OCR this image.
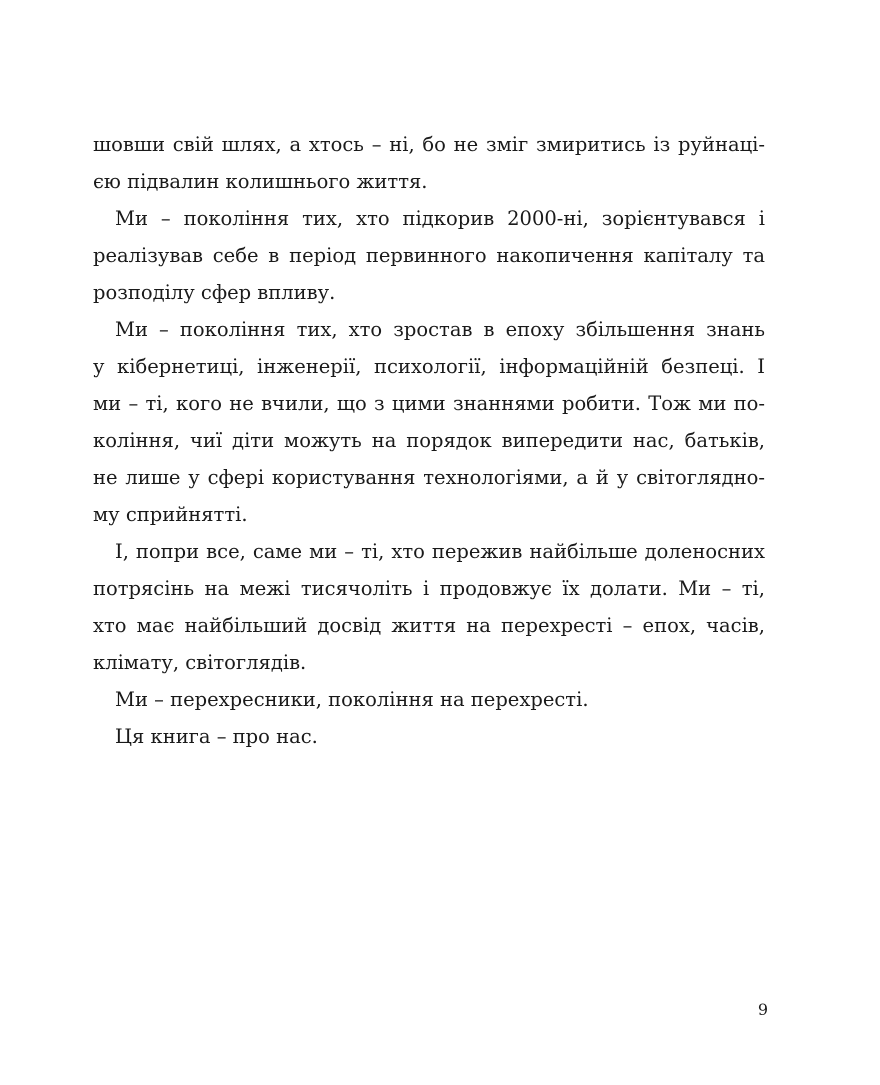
шовши свій шлях, а хтось – ні, бо не зміг змиритись із руйнаці-
єю підвалин колишнього життя.
Ми – покоління тих, хто підкорив 2000-ні, зорієнтувався і
реалізував себе в період первинного накопичення капіталу та
розподілу сфер впливу.
Ми – покоління тих, хто зростав в епоху збільшення знань
у кібернетиці, інженерії, психології, інформаційній безпеці. І
ми – ті, кого не вчили, що з цими знаннями робити. Тож ми по-
коління, чиї діти можуть на порядок випередити нас, батьків,
не лише у сфері користування технологіями, а й у світоглядно-
му сприйнятті.
І, попри все, саме ми – ті, хто пережив найбільше доленосних
потрясінь на межі тисячоліть і продовжує їх долати. Ми – ті,
хто має найбільший досвід життя на перехресті – епох, часів,
клімату, світоглядів.
Ми – перехресники, покоління на перехресті.
Ця книга – про нас.
9
